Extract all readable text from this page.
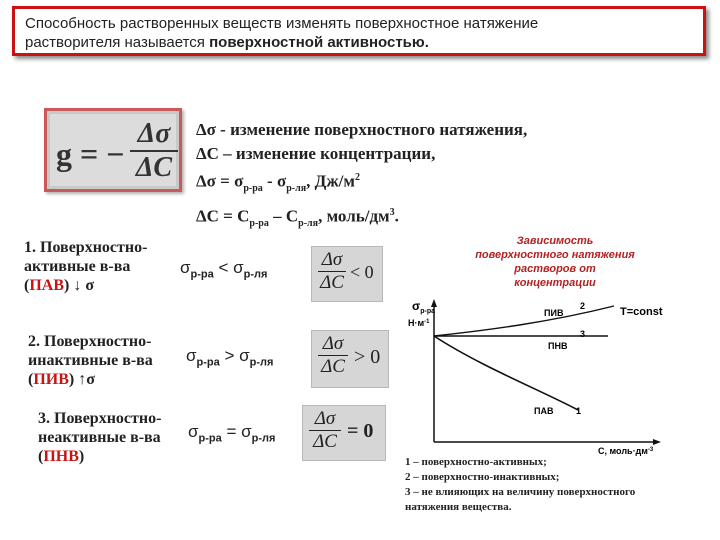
Способность растворенных веществ изменять поверхностное натяжение
растворителя называется поверхностной активностью.
g = −
Δσ
ΔC
Δσ - изменение поверхностного натяжения,
ΔC – изменение концентрации,
$\Delta\sigma = \sigma_{р-ра} - \sigma_{р-ля}$, $Дж/м^2$
$\Delta C = C_{р-ра} - C_{р-ля}$, моль/$дм^3$.
1. Поверхностно-
активные в-ва
(ПАВ) ↓ σ
$\sigma_{р-ра} < \sigma_{р-ля}$
Δσ
ΔC < 0
2. Поверхностно-
инактивные в-ва
(ПИВ) ↑σ
$\sigma_{р-ра} > \sigma_{р-ля}$
Δσ
ΔC > 0
3. Поверхностно-
неактивные в-ва
(ПНВ)
$\sigma_{р-ра} = \sigma_{р-ля}$
Δσ
ΔC = 0
Зависимость
поверхностного натяжения
растворов от
концентрации
$\sigma_{р-ра}$
$Н\cdot м^{-1}$
ПИВ
2	T=const
ПНВ
3
ПАВ	1
С, $моль\cdot дм^{-3}$
1 – поверхностно-активных;
2 – поверхностно-инактивных;
3 – не влияющих на величину поверхностного
натяжения вещества.
